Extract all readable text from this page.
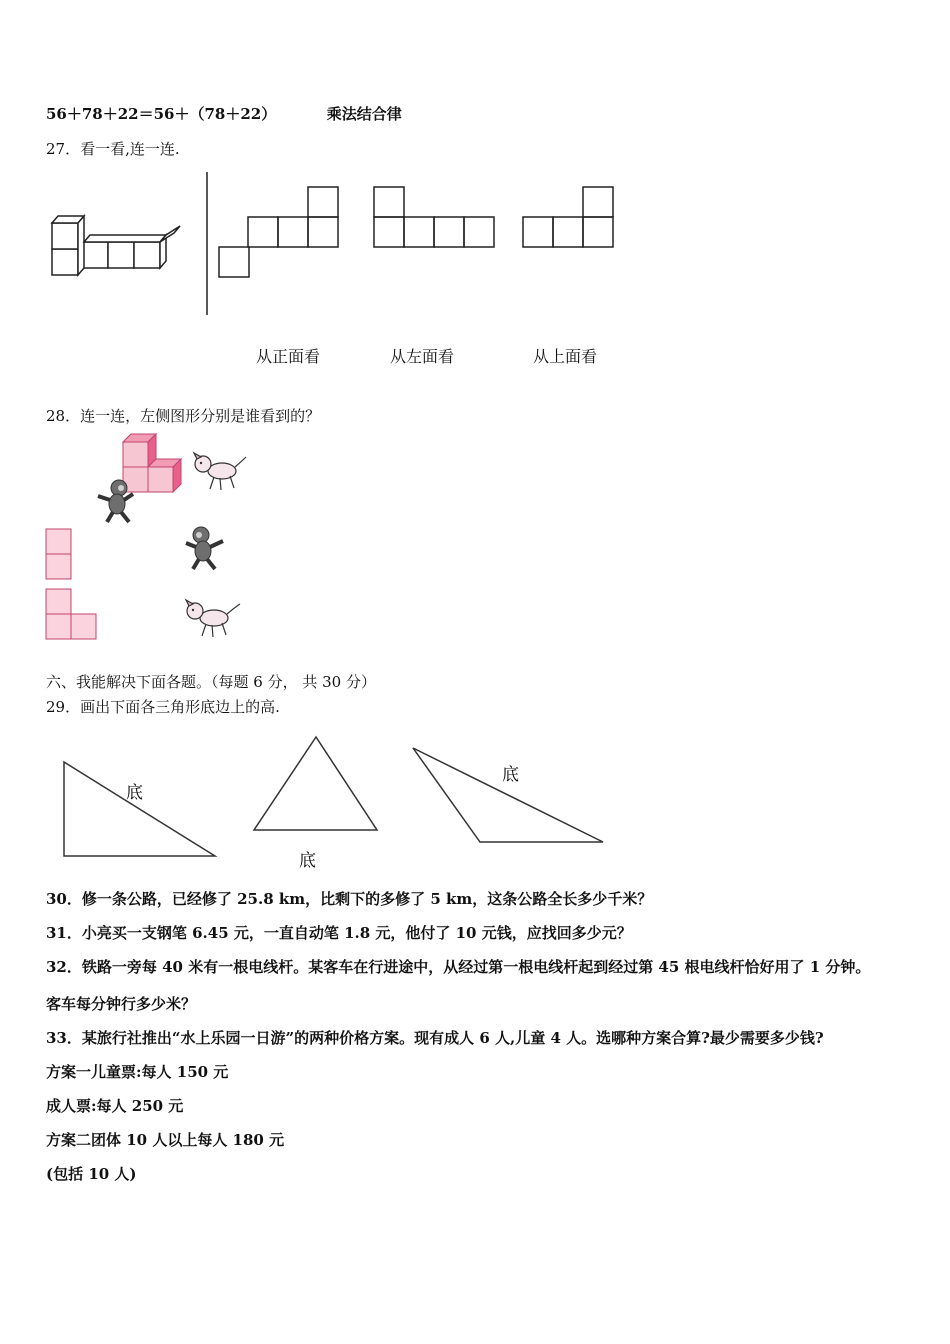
56＋78＋22＝56＋（78＋22）	乘法结合律
27．看一看,连一连.
从正面看	从左面看	从上面看
28．连一连，左侧图形分别是谁看到的？
六、我能解决下面各题。（每题 6 分， 共 30 分）
29．画出下面各三角形底边上的高.
底
底
底
30．修一条公路，已经修了 25.8 km，比剩下的多修了 5 km，这条公路全长多少千米？
31．小亮买一支钢笔 6.45 元，一直自动笔 1.8 元，他付了 10 元钱，应找回多少元？
32．铁路一旁每 40 米有一根电线杆。某客车在行进途中，从经过第一根电线杆起到经过第 45 根电线杆恰好用了 1 分钟。
客车每分钟行多少米？
33．某旅行社推出“水上乐园一日游”的两种价格方案。现有成人 6 人,儿童 4 人。选哪种方案合算?最少需要多少钱?
方案一儿童票:每人 150 元
成人票:每人 250 元
方案二团体 10 人以上每人 180 元
(包括 10 人)
